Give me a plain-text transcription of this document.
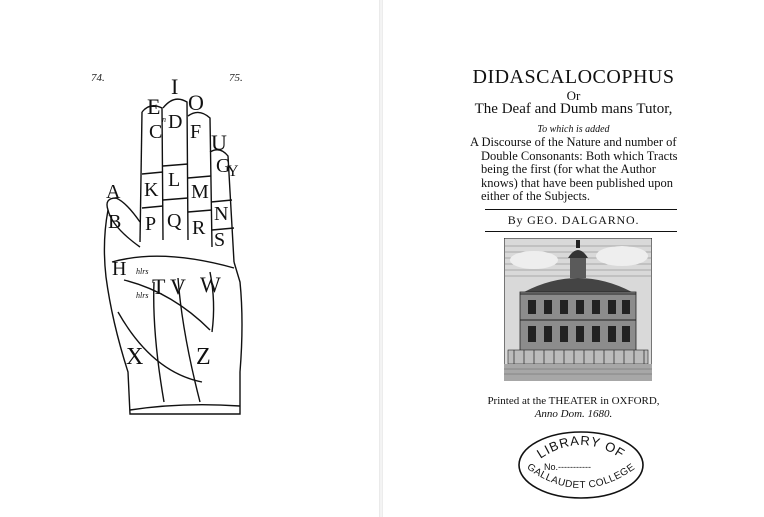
74.	75.
E
I
O
U
n
C D F
G
Y
A K L
M
N
B P Q R
S
H hlrs
hlrs T V W
X Z
DIDASCALOCOPHUS
Or
The Deaf and Dumb mans Tutor,
To which is added
A Discourse of the Nature and number of
Double Consonants: Both which Tracts
being the first (for what the Author
knows) that have been published upon
either of the Subjects.
By GEO. DALGARNO.
Printed at the THEATER in OXFORD,
Anno Dom. 1680.
LIBRARY OF
GALLAUDET COLLEGE
No.-----------
